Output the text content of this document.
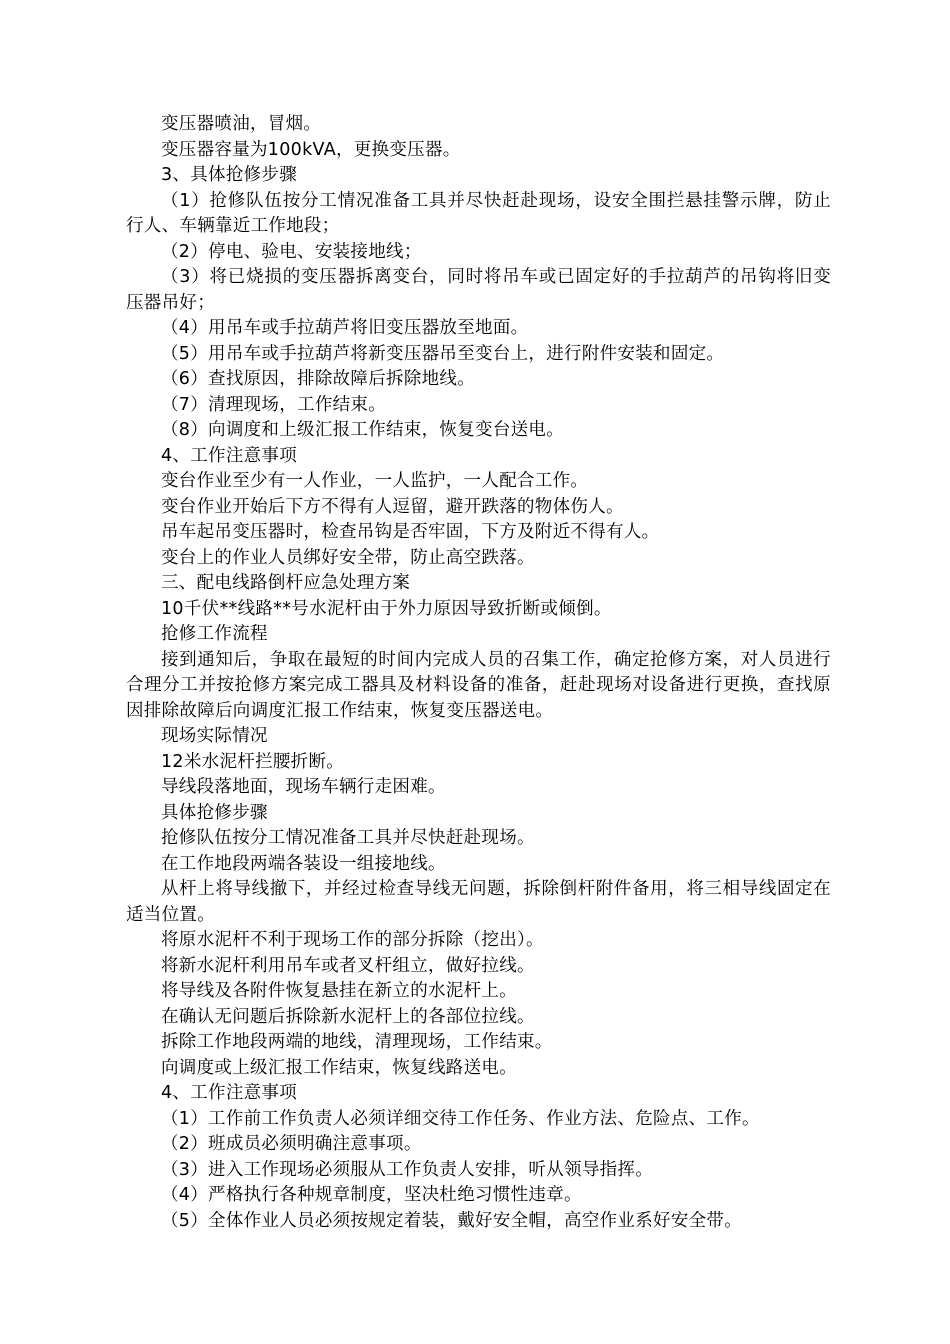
变压器喷油，冒烟。

变压器容量为100kVA，更换变压器。

3、具体抢修步骤

（1）抢修队伍按分工情况准备工具并尽快赶赴现场，设安全围拦悬挂警示牌，防止行人、车辆靠近工作地段；

（2）停电、验电、安装接地线；

（3）将已烧损的变压器拆离变台，同时将吊车或已固定好的手拉葫芦的吊钩将旧变压器吊好；

（4）用吊车或手拉葫芦将旧变压器放至地面。

（5）用吊车或手拉葫芦将新变压器吊至变台上，进行附件安装和固定。

（6）查找原因，排除故障后拆除地线。

（7）清理现场，工作结束。

（8）向调度和上级汇报工作结束，恢复变台送电。

4、工作注意事项

变台作业至少有一人作业，一人监护，一人配合工作。

变台作业开始后下方不得有人逗留，避开跌落的物体伤人。

吊车起吊变压器时，检查吊钩是否牢固，下方及附近不得有人。

变台上的作业人员绑好安全带，防止高空跌落。

三、配电线路倒杆应急处理方案

10千伏**线路**号水泥杆由于外力原因导致折断或倾倒。

抢修工作流程

接到通知后，争取在最短的时间内完成人员的召集工作，确定抢修方案，对人员进行合理分工并按抢修方案完成工器具及材料设备的准备，赶赴现场对设备进行更换，查找原因排除故障后向调度汇报工作结束，恢复变压器送电。

现场实际情况

12米水泥杆拦腰折断。

导线段落地面，现场车辆行走困难。

具体抢修步骤

抢修队伍按分工情况准备工具并尽快赶赴现场。

在工作地段两端各装设一组接地线。

从杆上将导线撤下，并经过检查导线无问题，拆除倒杆附件备用，将三相导线固定在适当位置。

将原水泥杆不利于现场工作的部分拆除（挖出）。

将新水泥杆利用吊车或者叉杆组立，做好拉线。

将导线及各附件恢复悬挂在新立的水泥杆上。

在确认无问题后拆除新水泥杆上的各部位拉线。

拆除工作地段两端的地线，清理现场，工作结束。

向调度或上级汇报工作结束，恢复线路送电。

4、工作注意事项

（1）工作前工作负责人必须详细交待工作任务、作业方法、危险点、工作。

（2）班成员必须明确注意事项。

（3）进入工作现场必须服从工作负责人安排，听从领导指挥。

（4）严格执行各种规章制度，坚决杜绝习惯性违章。

（5）全体作业人员必须按规定着装，戴好安全帽，高空作业系好安全带。
